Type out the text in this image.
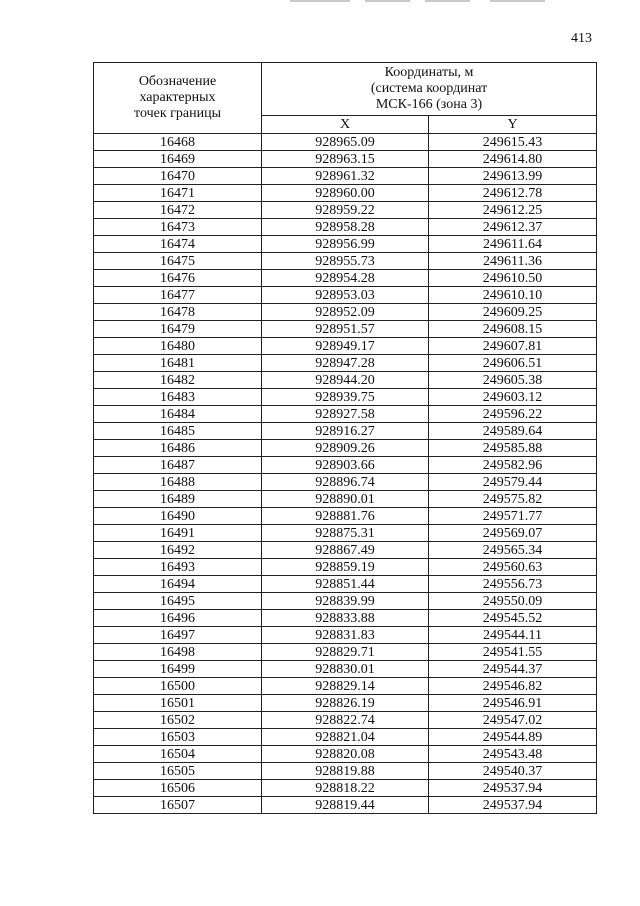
413
Обозначение
характерных
точек границы	Координаты, м
(система координат
МСК-166 (зона 3)	

	X	Y
16468	928965.09	249615.43
16469	928963.15	249614.80
16470	928961.32	249613.99
16471	928960.00	249612.78
16472	928959.22	249612.25
16473	928958.28	249612.37
16474	928956.99	249611.64
16475	928955.73	249611.36
16476	928954.28	249610.50
16477	928953.03	249610.10
16478	928952.09	249609.25
16479	928951.57	249608.15
16480	928949.17	249607.81
16481	928947.28	249606.51
16482	928944.20	249605.38
16483	928939.75	249603.12
16484	928927.58	249596.22
16485	928916.27	249589.64
16486	928909.26	249585.88
16487	928903.66	249582.96
16488	928896.74	249579.44
16489	928890.01	249575.82
16490	928881.76	249571.77
16491	928875.31	249569.07
16492	928867.49	249565.34
16493	928859.19	249560.63
16494	928851.44	249556.73
16495	928839.99	249550.09
16496	928833.88	249545.52
16497	928831.83	249544.11
16498	928829.71	249541.55
16499	928830.01	249544.37
16500	928829.14	249546.82
16501	928826.19	249546.91
16502	928822.74	249547.02
16503	928821.04	249544.89
16504	928820.08	249543.48
16505	928819.88	249540.37
16506	928818.22	249537.94
16507	928819.44	249537.94
